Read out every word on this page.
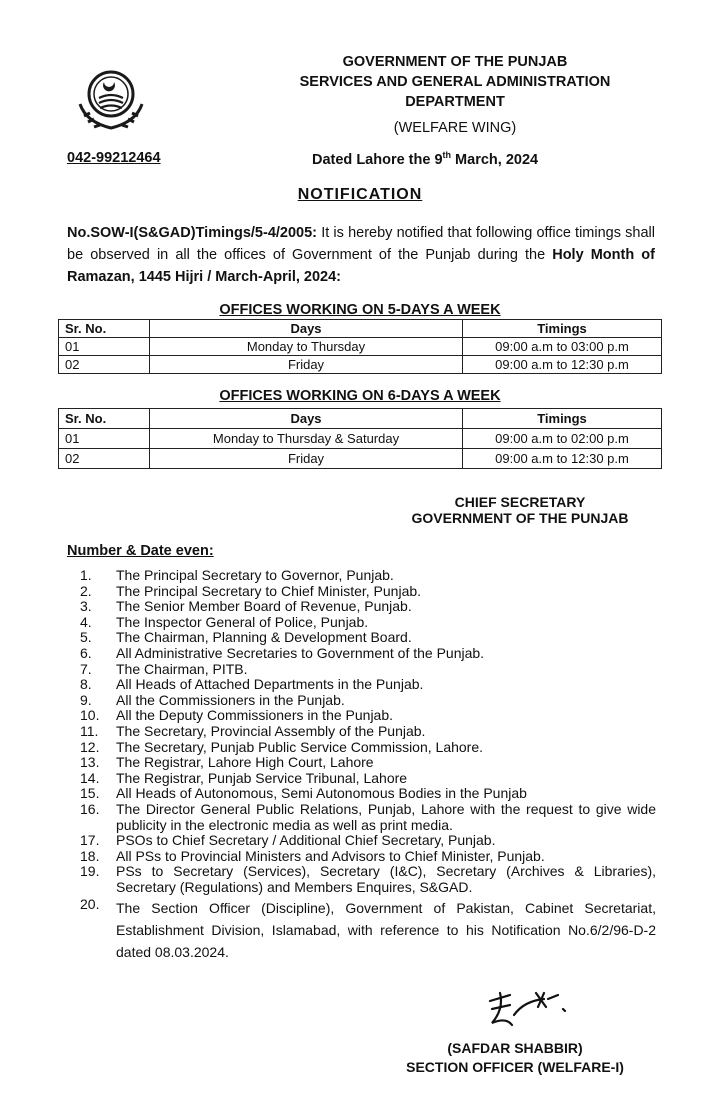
GOVERNMENT OF THE PUNJAB
SERVICES AND GENERAL ADMINISTRATION
DEPARTMENT
(WELFARE WING)
042-99212464	Dated Lahore the 9th March, 2024
NOTIFICATION
No.SOW-I(S&GAD)Timings/5-4/2005: It is hereby notified that following office timings shall be observed in all the offices of Government of the Punjab during the Holy Month of Ramazan, 1445 Hijri / March-April, 2024:
OFFICES WORKING ON 5-DAYS A WEEK
Sr. No.	Days	Timings
01	Monday to Thursday	09:00 a.m to 03:00 p.m
02	Friday	09:00 a.m to 12:30 p.m
OFFICES WORKING ON 6-DAYS A WEEK
Sr. No.	Days	Timings
01	Monday to Thursday & Saturday	09:00 a.m to 02:00 p.m
02	Friday	09:00 a.m to 12:30 p.m
CHIEF SECRETARY
GOVERNMENT OF THE PUNJAB
Number & Date even:
1.	The Principal Secretary to Governor, Punjab.
2.	The Principal Secretary to Chief Minister, Punjab.
3.	The Senior Member Board of Revenue, Punjab.
4.	The Inspector General of Police, Punjab.
5.	The Chairman, Planning & Development Board.
6.	All Administrative Secretaries to Government of the Punjab.
7.	The Chairman, PITB.
8.	All Heads of Attached Departments in the Punjab.
9.	All the Commissioners in the Punjab.
10.	All the Deputy Commissioners in the Punjab.
11.	The Secretary, Provincial Assembly of the Punjab.
12.	The Secretary, Punjab Public Service Commission, Lahore.
13.	The Registrar, Lahore High Court, Lahore
14.	The Registrar, Punjab Service Tribunal, Lahore
15.	All Heads of Autonomous, Semi Autonomous Bodies in the Punjab
16.	The Director General Public Relations, Punjab, Lahore with the request to give wide publicity in the electronic media as well as print media.
17.	PSOs to Chief Secretary / Additional Chief Secretary, Punjab.
18.	All PSs to Provincial Ministers and Advisors to Chief Minister, Punjab.
19.	PSs to Secretary (Services), Secretary (I&C), Secretary (Archives & Libraries), Secretary (Regulations) and Members Enquires, S&GAD.
20.	The Section Officer (Discipline), Government of Pakistan, Cabinet Secretariat, Establishment Division, Islamabad, with reference to his Notification No.6/2/96-D-2 dated 08.03.2024.
(SAFDAR SHABBIR)
SECTION OFFICER (WELFARE-I)
